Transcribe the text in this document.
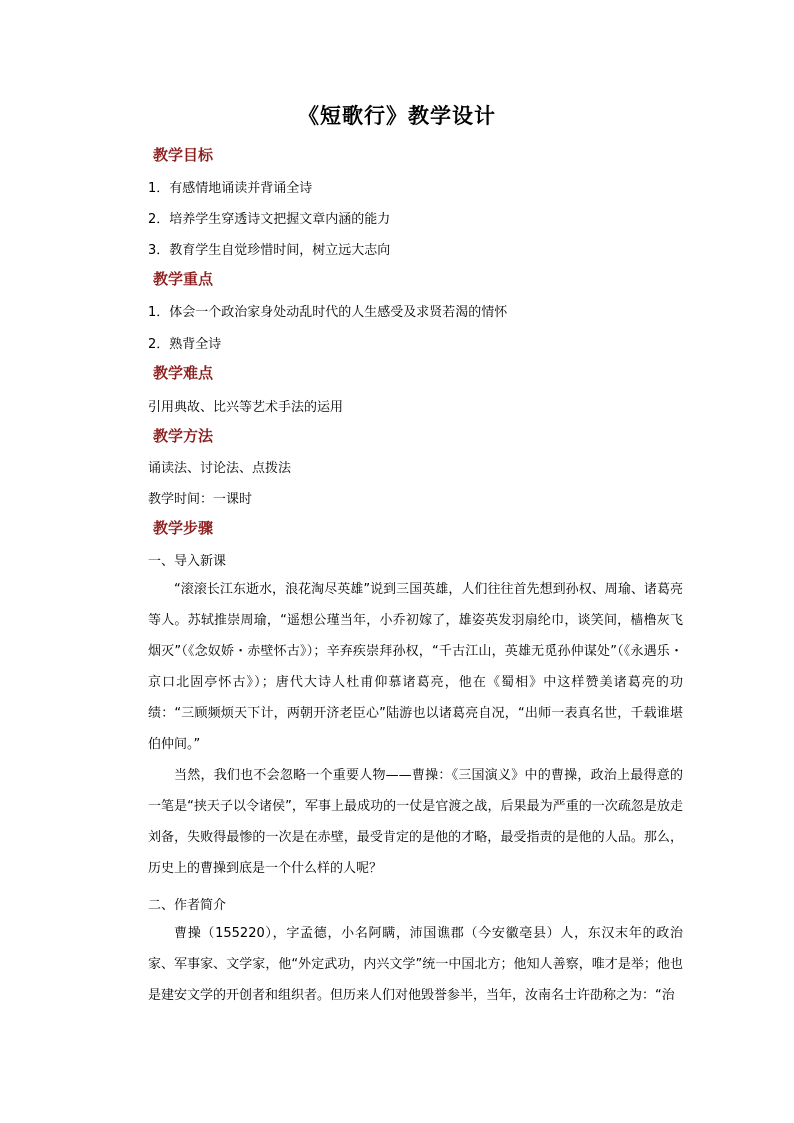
《短歌行》教学设计
教学目标
1．有感情地诵读并背诵全诗
2．培养学生穿透诗文把握文章内涵的能力
3．教育学生自觉珍惜时间，树立远大志向
教学重点
1．体会一个政治家身处动乱时代的人生感受及求贤若渴的情怀
2．熟背全诗
教学难点
引用典故、比兴等艺术手法的运用
教学方法
诵读法、讨论法、点拨法
教学时间：一课时
教学步骤
一、导入新课
“滚滚长江东逝水，浪花淘尽英雄”说到三国英雄，人们往往首先想到孙权、周瑜、诸葛亮等人。苏轼推崇周瑜，“遥想公瑾当年，小乔初嫁了，雄姿英发羽扇纶巾，谈笑间，樯橹灰飞烟灭”（《念奴娇・赤壁怀古》）；辛弃疾崇拜孙权，“千古江山，英雄无觅孙仲谋处”（《永遇乐・京口北固亭怀古》）；唐代大诗人杜甫仰慕诸葛亮，他在《蜀相》中这样赞美诸葛亮的功绩：“三顾频烦天下计，两朝开济老臣心”陆游也以诸葛亮自况，“出师一表真名世，千载谁堪伯仲间。”
当然，我们也不会忽略一个重要人物——曹操：《三国演义》中的曹操，政治上最得意的一笔是“挟天子以令诸侯”，军事上最成功的一仗是官渡之战，后果最为严重的一次疏忽是放走刘备，失败得最惨的一次是在赤壁，最受肯定的是他的才略，最受指责的是他的人品。那么，历史上的曹操到底是一个什么样的人呢？
二、作者简介
曹操（155220），字孟德，小名阿瞒，沛国谯郡（今安徽亳县）人，东汉末年的政治家、军事家、文学家，他“外定武功，内兴文学”统一中国北方；他知人善察，唯才是举；他也是建安文学的开创者和组织者。但历来人们对他毁誉参半，当年，汝南名士许劭称之为：“治
